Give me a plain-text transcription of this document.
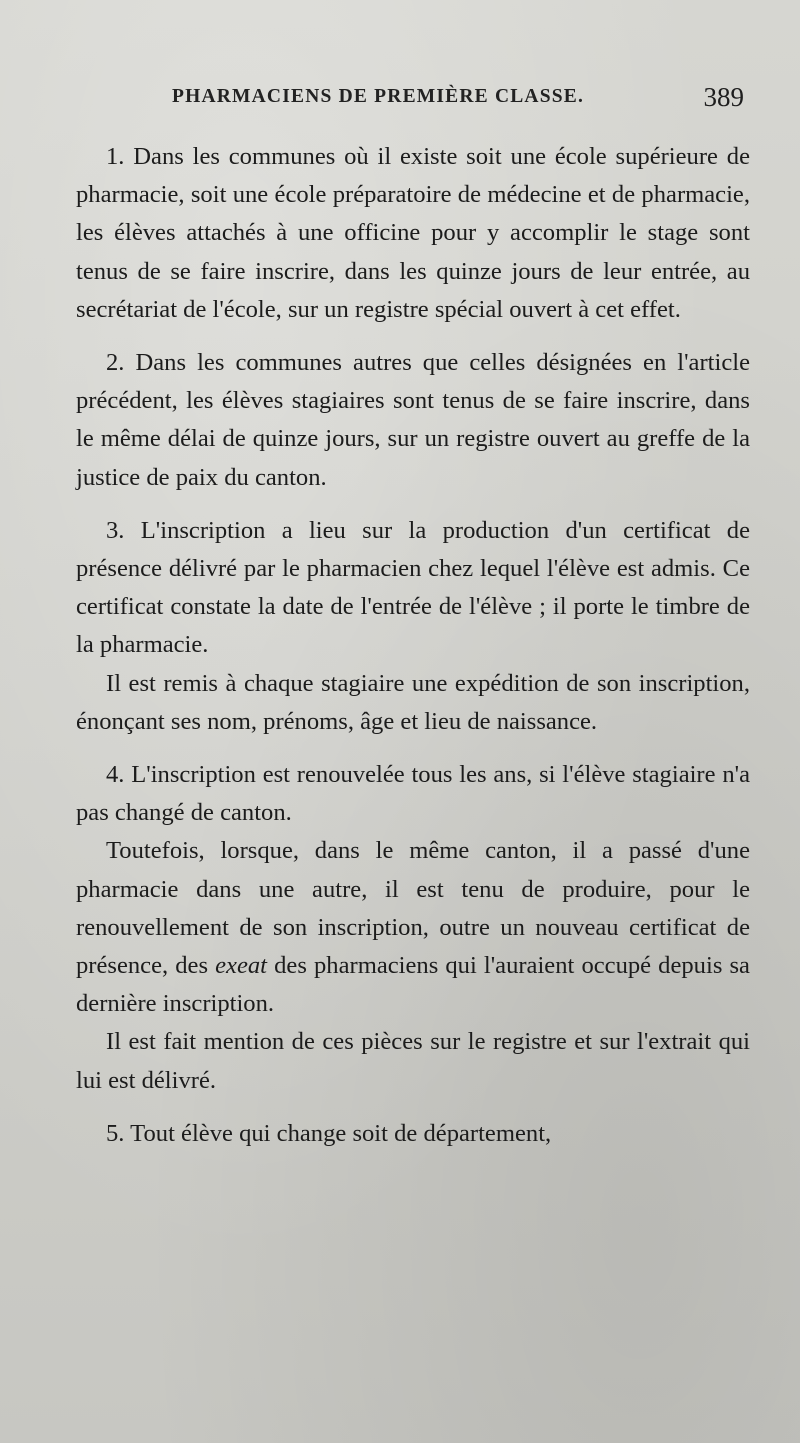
PHARMACIENS DE PREMIÈRE CLASSE.	389

1. Dans les communes où il existe soit une école supérieure de pharmacie, soit une école préparatoire de médecine et de pharmacie, les élèves attachés à une officine pour y accomplir le stage sont tenus de se faire inscrire, dans les quinze jours de leur entrée, au secrétariat de l'école, sur un registre spécial ouvert à cet effet.

2. Dans les communes autres que celles désignées en l'article précédent, les élèves stagiaires sont tenus de se faire inscrire, dans le même délai de quinze jours, sur un registre ouvert au greffe de la justice de paix du canton.

3. L'inscription a lieu sur la production d'un certificat de présence délivré par le pharmacien chez lequel l'élève est admis. Ce certificat constate la date de l'entrée de l'élève ; il porte le timbre de la pharmacie.

Il est remis à chaque stagiaire une expédition de son inscription, énonçant ses nom, prénoms, âge et lieu de naissance.

4. L'inscription est renouvelée tous les ans, si l'élève stagiaire n'a pas changé de canton.

Toutefois, lorsque, dans le même canton, il a passé d'une pharmacie dans une autre, il est tenu de produire, pour le renouvellement de son inscription, outre un nouveau certificat de présence, des exeat des pharmaciens qui l'auraient occupé depuis sa dernière inscription.

Il est fait mention de ces pièces sur le registre et sur l'extrait qui lui est délivré.

5. Tout élève qui change soit de département,
